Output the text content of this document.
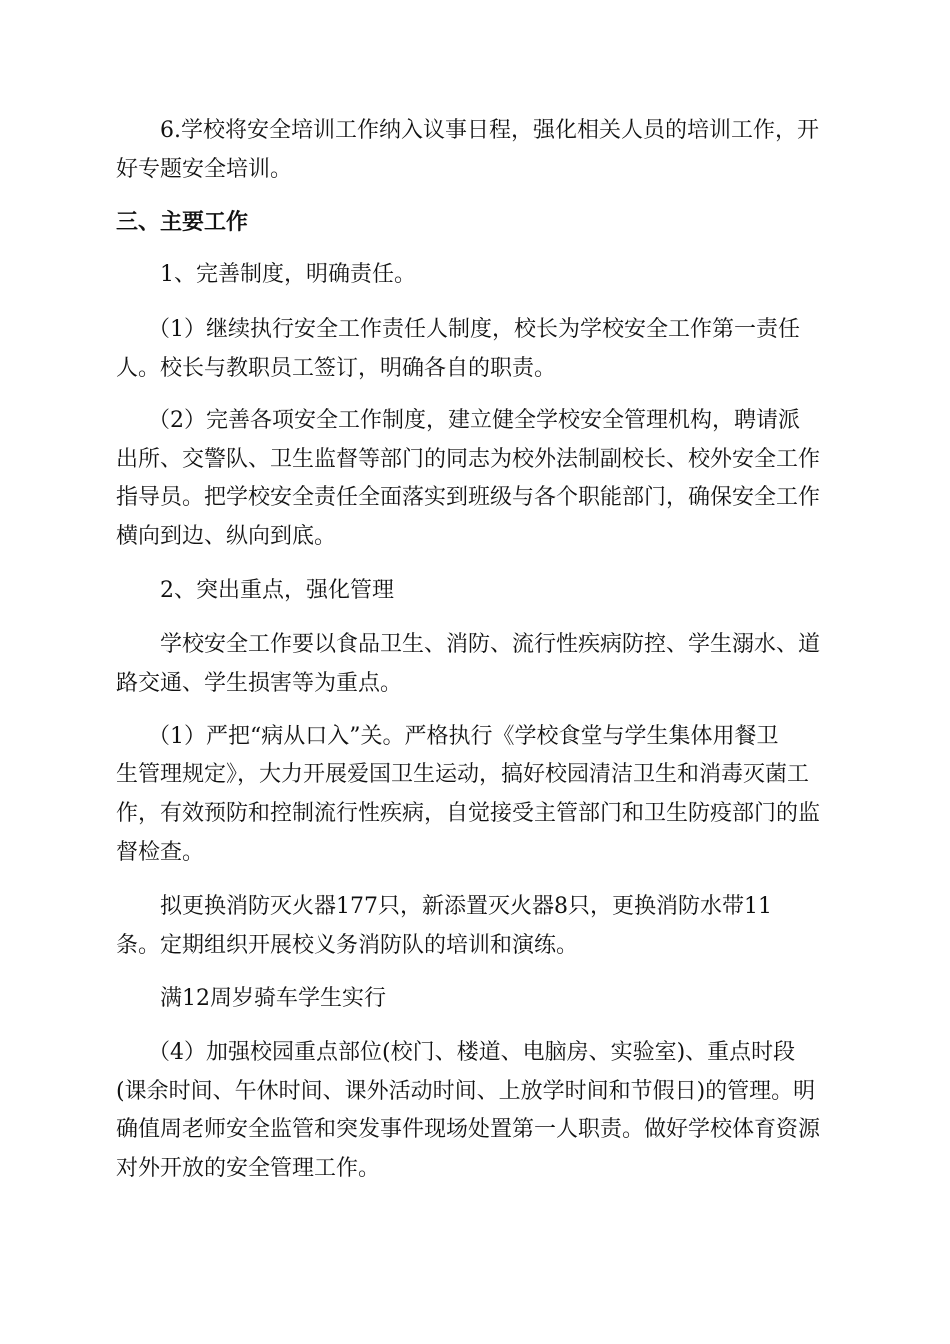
6.学校将安全培训工作纳入议事日程，强化相关人员的培训工作，开
好专题安全培训。
三、主要工作
1、完善制度，明确责任。
（1）继续执行安全工作责任人制度，校长为学校安全工作第一责任
人。校长与教职员工签订，明确各自的职责。
（2）完善各项安全工作制度，建立健全学校安全管理机构，聘请派
出所、交警队、卫生监督等部门的同志为校外法制副校长、校外安全工作
指导员。把学校安全责任全面落实到班级与各个职能部门，确保安全工作
横向到边、纵向到底。
2、突出重点，强化管理
学校安全工作要以食品卫生、消防、流行性疾病防控、学生溺水、道
路交通、学生损害等为重点。
（1）严把“病从口入”关。严格执行《学校食堂与学生集体用餐卫
生管理规定》，大力开展爱国卫生运动，搞好校园清洁卫生和消毒灭菌工
作，有效预防和控制流行性疾病，自觉接受主管部门和卫生防疫部门的监
督检查。
拟更换消防灭火器177只，新添置灭火器8只，更换消防水带11
条。定期组织开展校义务消防队的培训和演练。
满12周岁骑车学生实行
（4）加强校园重点部位(校门、楼道、电脑房、实验室)、重点时段
(课余时间、午休时间、课外活动时间、上放学时间和节假日)的管理。明
确值周老师安全监管和突发事件现场处置第一人职责。做好学校体育资源
对外开放的安全管理工作。
